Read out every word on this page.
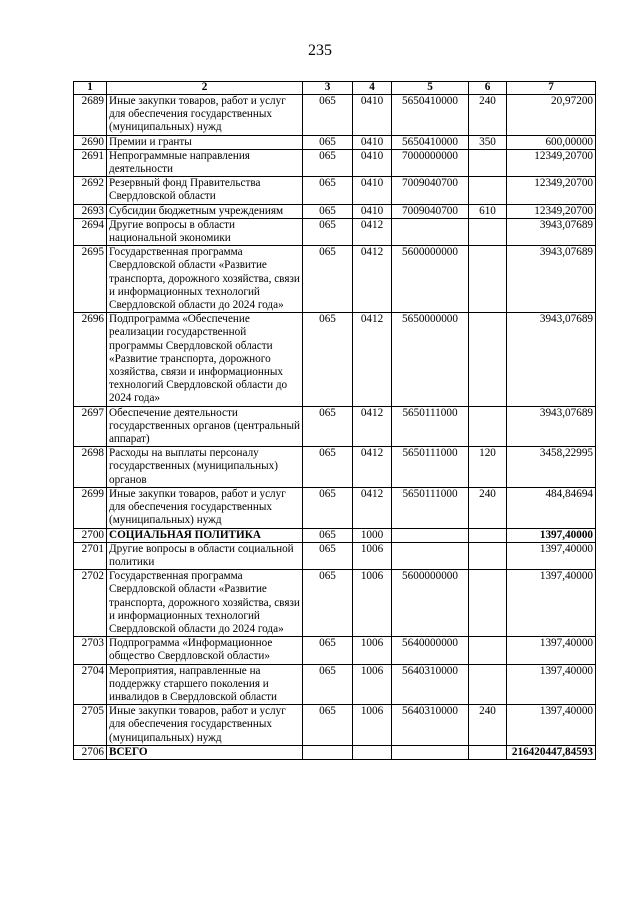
235
1	2	3	4	5	6	7
2689	Иные закупки товаров, работ и услуг для обеспечения государственных (муниципальных) нужд	065	0410	5650410000	240	20,97200
2690	Премии и гранты	065	0410	5650410000	350	600,00000
2691	Непрограммные направления деятельности	065	0410	7000000000		12349,20700
2692	Резервный фонд Правительства Свердловской области	065	0410	7009040700		12349,20700
2693	Субсидии бюджетным учреждениям	065	0410	7009040700	610	12349,20700
2694	Другие вопросы в области национальной экономики	065	0412			3943,07689
2695	Государственная программа Свердловской области «Развитие транспорта, дорожного хозяйства, связи и информационных технологий Свердловской области до 2024 года»	065	0412	5600000000		3943,07689
2696	Подпрограмма «Обеспечение реализации государственной программы Свердловской области «Развитие транспорта, дорожного хозяйства, связи и информационных технологий Свердловской области до 2024 года»	065	0412	5650000000		3943,07689
2697	Обеспечение деятельности государственных органов (центральный аппарат)	065	0412	5650111000		3943,07689
2698	Расходы на выплаты персоналу государственных (муниципальных) органов	065	0412	5650111000	120	3458,22995
2699	Иные закупки товаров, работ и услуг для обеспечения государственных (муниципальных) нужд	065	0412	5650111000	240	484,84694
2700	СОЦИАЛЬНАЯ ПОЛИТИКА	065	1000			1397,40000
2701	Другие вопросы в области социальной политики	065	1006			1397,40000
2702	Государственная программа Свердловской области «Развитие транспорта, дорожного хозяйства, связи и информационных технологий Свердловской области до 2024 года»	065	1006	5600000000		1397,40000
2703	Подпрограмма «Информационное общество Свердловской области»	065	1006	5640000000		1397,40000
2704	Мероприятия, направленные на поддержку старшего поколения и инвалидов в Свердловской области	065	1006	5640310000		1397,40000
2705	Иные закупки товаров, работ и услуг для обеспечения государственных (муниципальных) нужд	065	1006	5640310000	240	1397,40000
2706	ВСЕГО					216420447,84593
